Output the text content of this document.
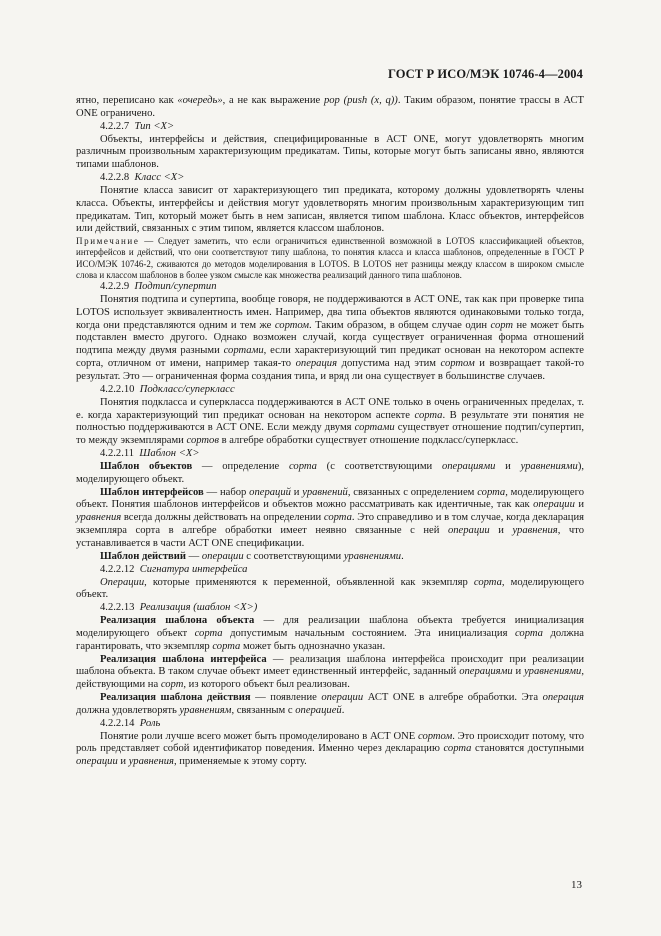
ГОСТ Р ИСО/МЭК 10746-4—2004

ятно, переписано как «очередь», а не как выражение pop (push (x, q)). Таким образом, понятие трассы в АСТ ONE ограничено.

4.2.2.7 Тип <X>

Объекты, интерфейсы и действия, специфицированные в АСТ ONE, могут удовлетворять многим различным произвольным характеризующим предикатам. Типы, которые могут быть записаны явно, являются типами шаблонов.

4.2.2.8 Класс <X>

Понятие класса зависит от характеризующего тип предиката, которому должны удовлетворять члены класса. Объекты, интерфейсы и действия могут удовлетворять многим произвольным характеризующим тип предикатам. Тип, который может быть в нем записан, является типом шаблона. Класс объектов, интерфейсов или действий, связанных с этим типом, является классом шаблонов.

Примечание — Следует заметить, что если ограничиться единственной возможной в LOTOS классификацией объектов, интерфейсов и действий, что они соответствуют типу шаблона, то понятия класса и класса шаблонов, определенные в ГОСТ Р ИСО/МЭК 10746-2, сживаются до методов моделирования в LOTOS. В LOTOS нет разницы между классом в широком смысле слова и классом шаблонов в более узком смысле как множества реализаций данного типа шаблонов.

4.2.2.9 Подтип/супертип

Понятия подтипа и супертипа, вообще говоря, не поддерживаются в АСТ ONE, так как при проверке типа LOTOS использует эквивалентность имен. Например, два типа объектов являются одинаковыми только тогда, когда они представляются одним и тем же сортом. Таким образом, в общем случае один сорт не может быть подставлен вместо другого. Однако возможен случай, когда существует ограниченная форма отношений подтипа между двумя разными сортами, если характеризующий тип предикат основан на некотором аспекте сорта, отличном от имени, например такая-то операция допустима над этим сортом и возвращает такой-то результат. Это — ограниченная форма создания типа, и вряд ли она существует в большинстве случаев.

4.2.2.10 Подкласс/суперкласс

Понятия подкласса и суперкласса поддерживаются в АСТ ONE только в очень ограниченных пределах, т. е. когда характеризующий тип предикат основан на некотором аспекте сорта. В результате эти понятия не полностью поддерживаются в АСТ ONE. Если между двумя сортами существует отношение подтип/супертип, то между экземплярами сортов в алгебре обработки существует отношение подкласс/суперкласс.

4.2.2.11 Шаблон <X>

Шаблон объектов — определение сорта (с соответствующими операциями и уравнениями), моделирующего объект.

Шаблон интерфейсов — набор операций и уравнений, связанных с определением сорта, моделирующего объект. Понятия шаблонов интерфейсов и объектов можно рассматривать как идентичные, так как операции и уравнения всегда должны действовать на определении сорта. Это справедливо и в том случае, когда декларация экземпляра сорта в алгебре обработки имеет неявно связанные с ней операции и уравнения, что устанавливается в части АСТ ONE спецификации.

Шаблон действий — операции с соответствующими уравнениями.

4.2.2.12 Сигнатура интерфейса

Операции, которые применяются к переменной, объявленной как экземпляр сорта, моделирующего объект.

4.2.2.13 Реализация (шаблон <X>)

Реализация шаблона объекта — для реализации шаблона объекта требуется инициализация моделирующего объект сорта допустимым начальным состоянием. Эта инициализация сорта должна гарантировать, что экземпляр сорта может быть однозначно указан.

Реализация шаблона интерфейса — реализация шаблона интерфейса происходит при реализации шаблона объекта. В таком случае объект имеет единственный интерфейс, заданный операциями и уравнениями, действующими на сорт, из которого объект был реализован.

Реализация шаблона действия — появление операции АСТ ONE в алгебре обработки. Эта операция должна удовлетворять уравнениям, связанным с операцией.

4.2.2.14 Роль

Понятие роли лучше всего может быть промоделировано в АСТ ONE сортом. Это происходит потому, что роль представляет собой идентификатор поведения. Именно через декларацию сорта становятся доступными операции и уравнения, применяемые к этому сорту.

13
